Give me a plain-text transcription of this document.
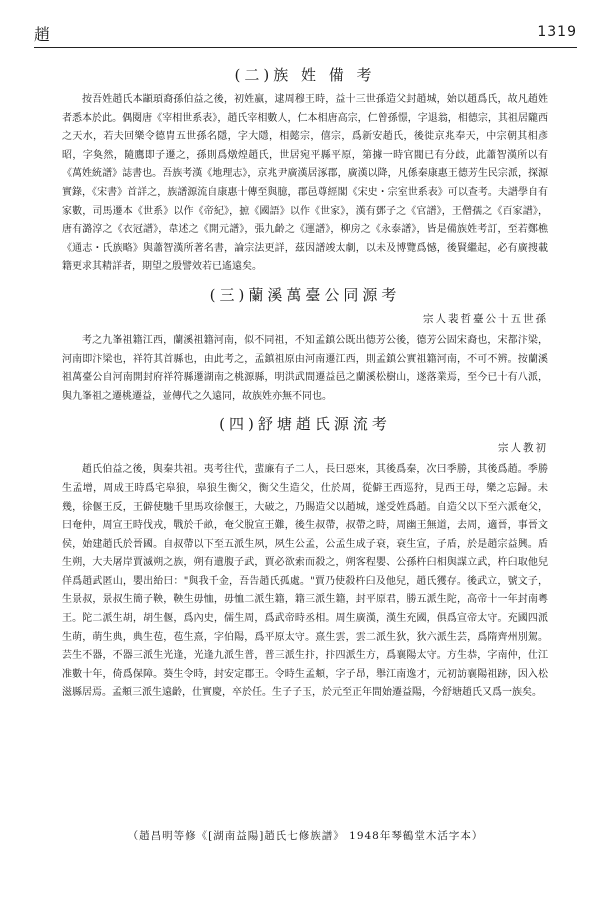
趙	1319
(二)族 姓 備 考

按吾姓趙氏本顓頊裔孫伯益之後，初姓嬴，逮周穆王時，益十三世孫造父封趙城，始以趙爲氏，故凡趙姓者悉本於此。偶閱唐《宰相世系表》，趙氏宰相數人，仁本相唐高宗，仁曾孫憬，字退翁，相德宗，其祖居隴西之天水，若夫回樂令德胄五世孫名隱，字大隱，相懿宗，僖宗，爲新安趙氏，後徙京兆奉天，中宗朝其相彥昭，字奐然，隨鷹即子遷之，孫則爲燉煌趙氏，世居宛平縣平原，第據一時官閥已有分歧，此蕭智漢所以有《萬姓統譜》誌書也。吾族考漢《地理志》，京兆尹廣漢居涿郡，廣漢以降，凡係秦康惠王德芳生民宗派，探源實錄，《宋書》首詳之，族譜源流自康惠十傳至與臆，郡邑尊經閣《宋史・宗室世系表》可以查考。夫譜學自有家數，司馬遷本《世系》以作《帝紀》，摭《國語》以作《世家》，漢有鄧子之《官譜》，王僧孺之《百家譜》，唐有潞淳之《衣冠譜》，韋述之《開元譜》，張九齡之《運譜》，柳房之《永泰譜》，皆是備族姓考訂，至若鄭樵《通志・氏族略》與蕭智漢所著名書，論宗法更詳，茲因譜竣太劇，以未及博覽爲憾，後賢繼起，必有廣搜載籍更求其精詳者，期望之殷譬效若已遙遠矣。

(三)蘭溪萬臺公同源考
宗人裴哲臺公十五世孫

考之九峯祖籍江西，蘭溪祖籍河南，似不同祖，不知孟鎮公既出德芳公後，德芳公固宋裔也，宋都汴梁，河南即汴梁也，祥符其首縣也，由此考之，孟鎮祖原由河南遷江西，則孟鎮公實祖籍河南，不可不辨。按蘭溪祖萬臺公自河南開封府祥符縣遷湖南之桃源縣，明洪武間遷益邑之蘭溪松樹山，遂落業焉，至今已十有八派，與九峯祖之遷桃遷益，並傳代之久遠同，故族姓亦無不同也。

(四)舒塘趙氏源流考
宗人教初

趙氏伯益之後，與秦共祖。夷考往代，蜚廉有子二人，長曰惡來，其後爲秦，次曰季勝，其後爲趙。季勝生孟增，周成王時爲宅皋狼，皋狼生衡父，衡父生造父，仕於周，從僻王西巡狩，見西王母，樂之忘歸。未幾，徐偃王反，王僻使馳千里馬攻徐偃王，大破之，乃賜造父以趙城，遂受姓爲趙。自造父以下至六派奄父，曰奄仲，周宣王時伐戎，戰於千畝，奄父脫宣王難，後生叔帶，叔帶之時，周幽王無道，去周，適晉，事晉文侯，始建趙氏於晉國。自叔帶以下至五派生夙，夙生公孟，公孟生成子衰，衰生宣，子盾，於是趙宗益興。盾生朔，大夫屠岸賈滅朔之族，朔有遺腹子武，賈必欲索而殺之，朔客程嬰、公孫杵臼相與謀立武，杵臼取他兒佯爲趙武匿山，嬰出紿曰："與我千金，吾告趙氏孤處。"賈乃使殺杵臼及他兒，趙氏獲存。後武立，號文子，生景叔，景叔生簡子鞅，鞅生毋恤，毋恤二派生籍，籍三派生籍，封平原君，勝五派生陀，高帝十一年封南粵王。陀二派生胡，胡生偃，爲內史，儒生周，爲武帝時丞相。周生廣漢，漢生充國，俱爲宣帝太守。充國四派生萌，萌生典，典生苞，苞生熹，字伯陽，爲平原太守。熹生雲，雲二派生狄，狄六派生芸，爲隋齊州別駕。芸生不器，不器三派生光逢，光逢九派生普，普三派生抃，抃四派生方，爲襄陽太守。方生恭，字南仲，仕江准數十年，倚爲保障。葵生令時，封安定郡王。令時生孟頫，字子昂，舉江南逸才，元初訪襄陽祖跡，因入松滋縣居焉。孟頫三派生遠齡，仕實慶，卒於任。生子子玉，於元至正年間始遷益陽，今舒塘趙氏又爲一族矣。

（趙昌明等修《[湖南益陽]趙氏七修族譜》 1948年琴鶴堂木活字本）
